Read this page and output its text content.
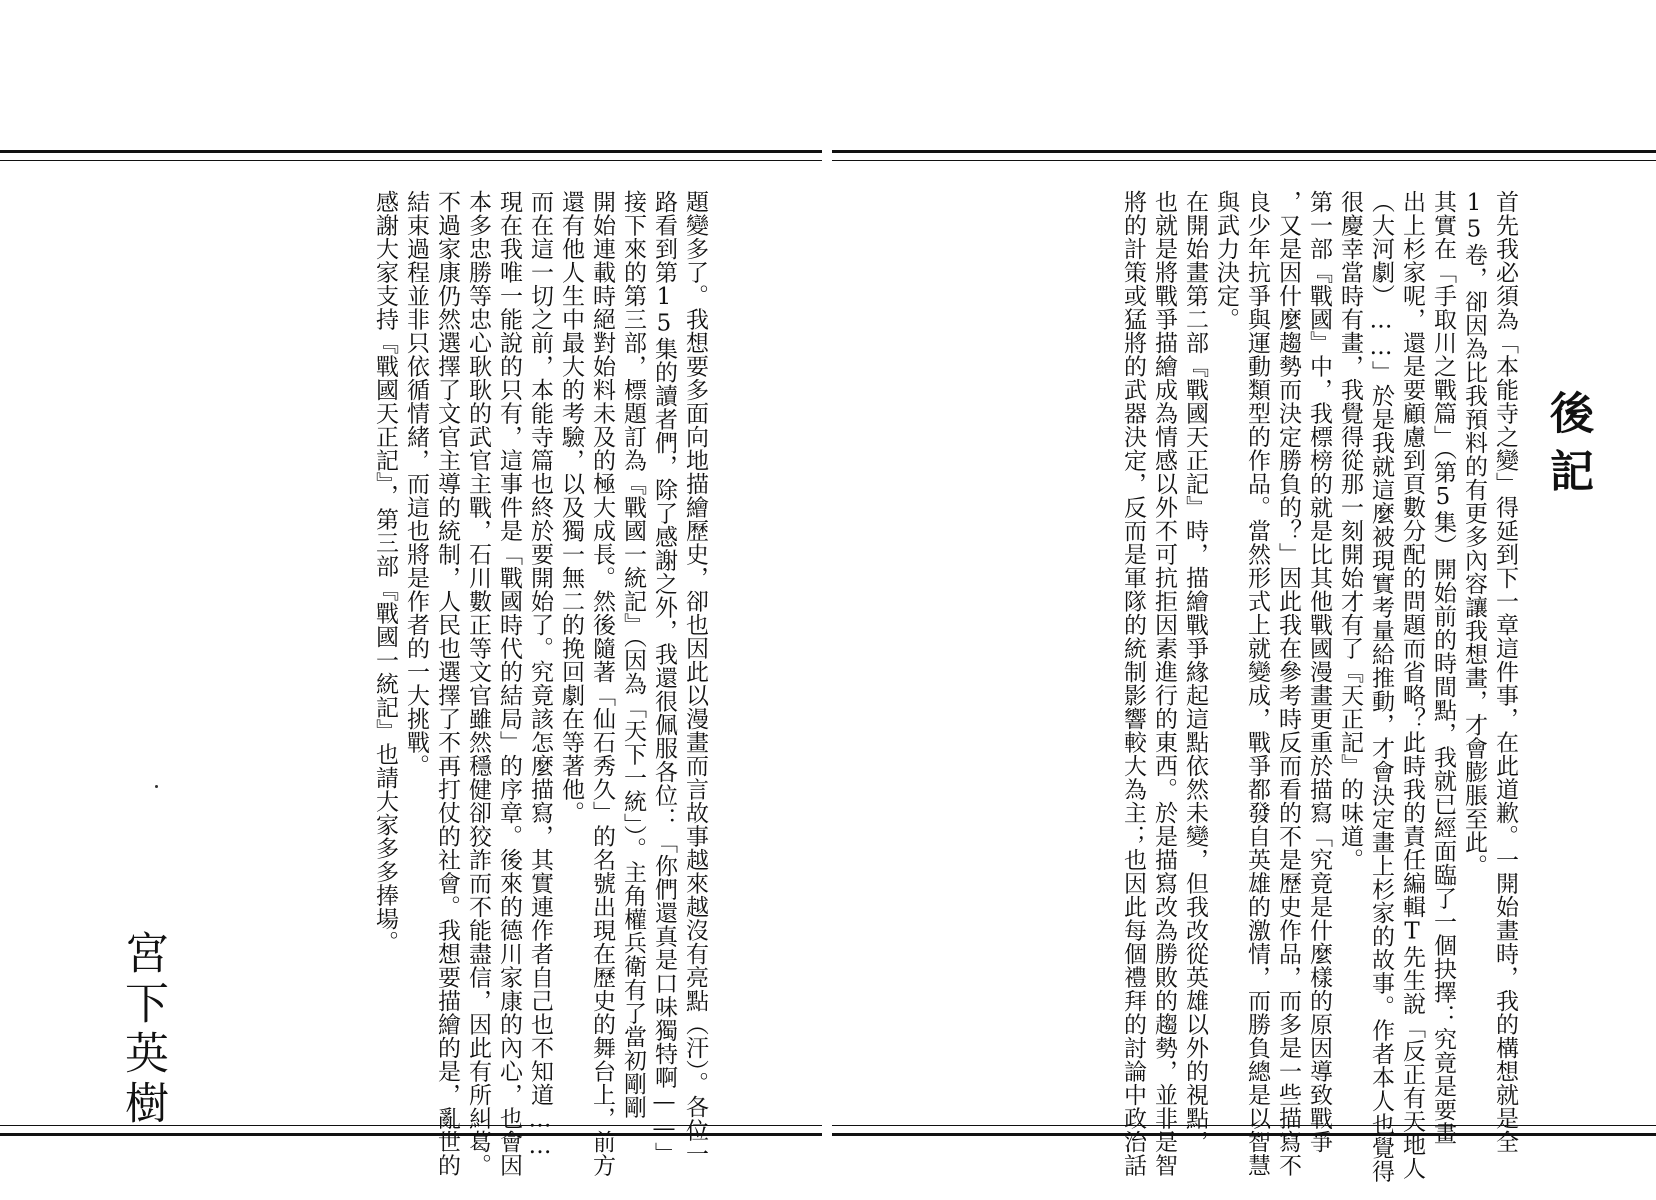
後記
首先我必須為「本能寺之變」得延到下一章這件事，在此道歉。一開始畫時，我的構想就是全
15卷，卻因為比我預料的有更多內容讓我想畫，才會膨脹至此。
其實在「手取川之戰篇」（第5集）開始前的時間點，我就已經面臨了一個抉擇：究竟是要畫
出上杉家呢，還是要顧慮到頁數分配的問題而省略？此時我的責任編輯T先生說「反正有天地人
（大河劇）……」於是我就這麼被現實考量給推動，才會決定畫上杉家的故事。作者本人也覺得
很慶幸當時有畫，我覺得從那一刻開始才有了『天正記』的味道。
第一部『戰國』中，我標榜的就是比其他戰國漫畫更重於描寫「究竟是什麼樣的原因導致戰爭
，又是因什麼趨勢而決定勝負的？」因此我在參考時反而看的不是歷史作品，而多是一些描寫不
良少年抗爭與運動類型的作品。當然形式上就變成，戰爭都發自英雄的激情，而勝負總是以智慧
與武力決定。
在開始畫第二部『戰國天正記』時，描繪戰爭緣起這點依然未變，但我改從英雄以外的視點，
也就是將戰爭描繪成為情感以外不可抗拒因素進行的東西。於是描寫改為勝敗的趨勢，並非是智
將的計策或猛將的武器決定，反而是軍隊的統制影響較大為主；也因此每個禮拜的討論中政治話
題變多了。我想要多面向地描繪歷史，卻也因此以漫畫而言故事越來越沒有亮點（汗）。各位一
路看到第15集的讀者們，除了感謝之外，我還很佩服各位：「你們還真是口味獨特啊——」
接下來的第三部，標題訂為『戰國一統記』（因為「天下一統」）。主角權兵衛有了當初剛剛
開始連載時絕對始料未及的極大成長。然後隨著「仙石秀久」的名號出現在歷史的舞台上，前方
還有他人生中最大的考驗，以及獨一無二的挽回劇在等著他。
而在這一切之前，本能寺篇也終於要開始了。究竟該怎麼描寫，其實連作者自己也不知道……
現在我唯一能說的只有，這事件是「戰國時代的結局」的序章。後來的德川家康的內心，也會因
本多忠勝等忠心耿耿的武官主戰，石川數正等文官雖然穩健卻狡詐而不能盡信，因此有所糾葛。
不過家康仍然選擇了文官主導的統制，人民也選擇了不再打仗的社會。我想要描繪的是，亂世的
結束過程並非只依循情緒，而這也將是作者的一大挑戰。
感謝大家支持『戰國天正記』，第三部『戰國一統記』也請大家多多捧場。
宮下英樹
